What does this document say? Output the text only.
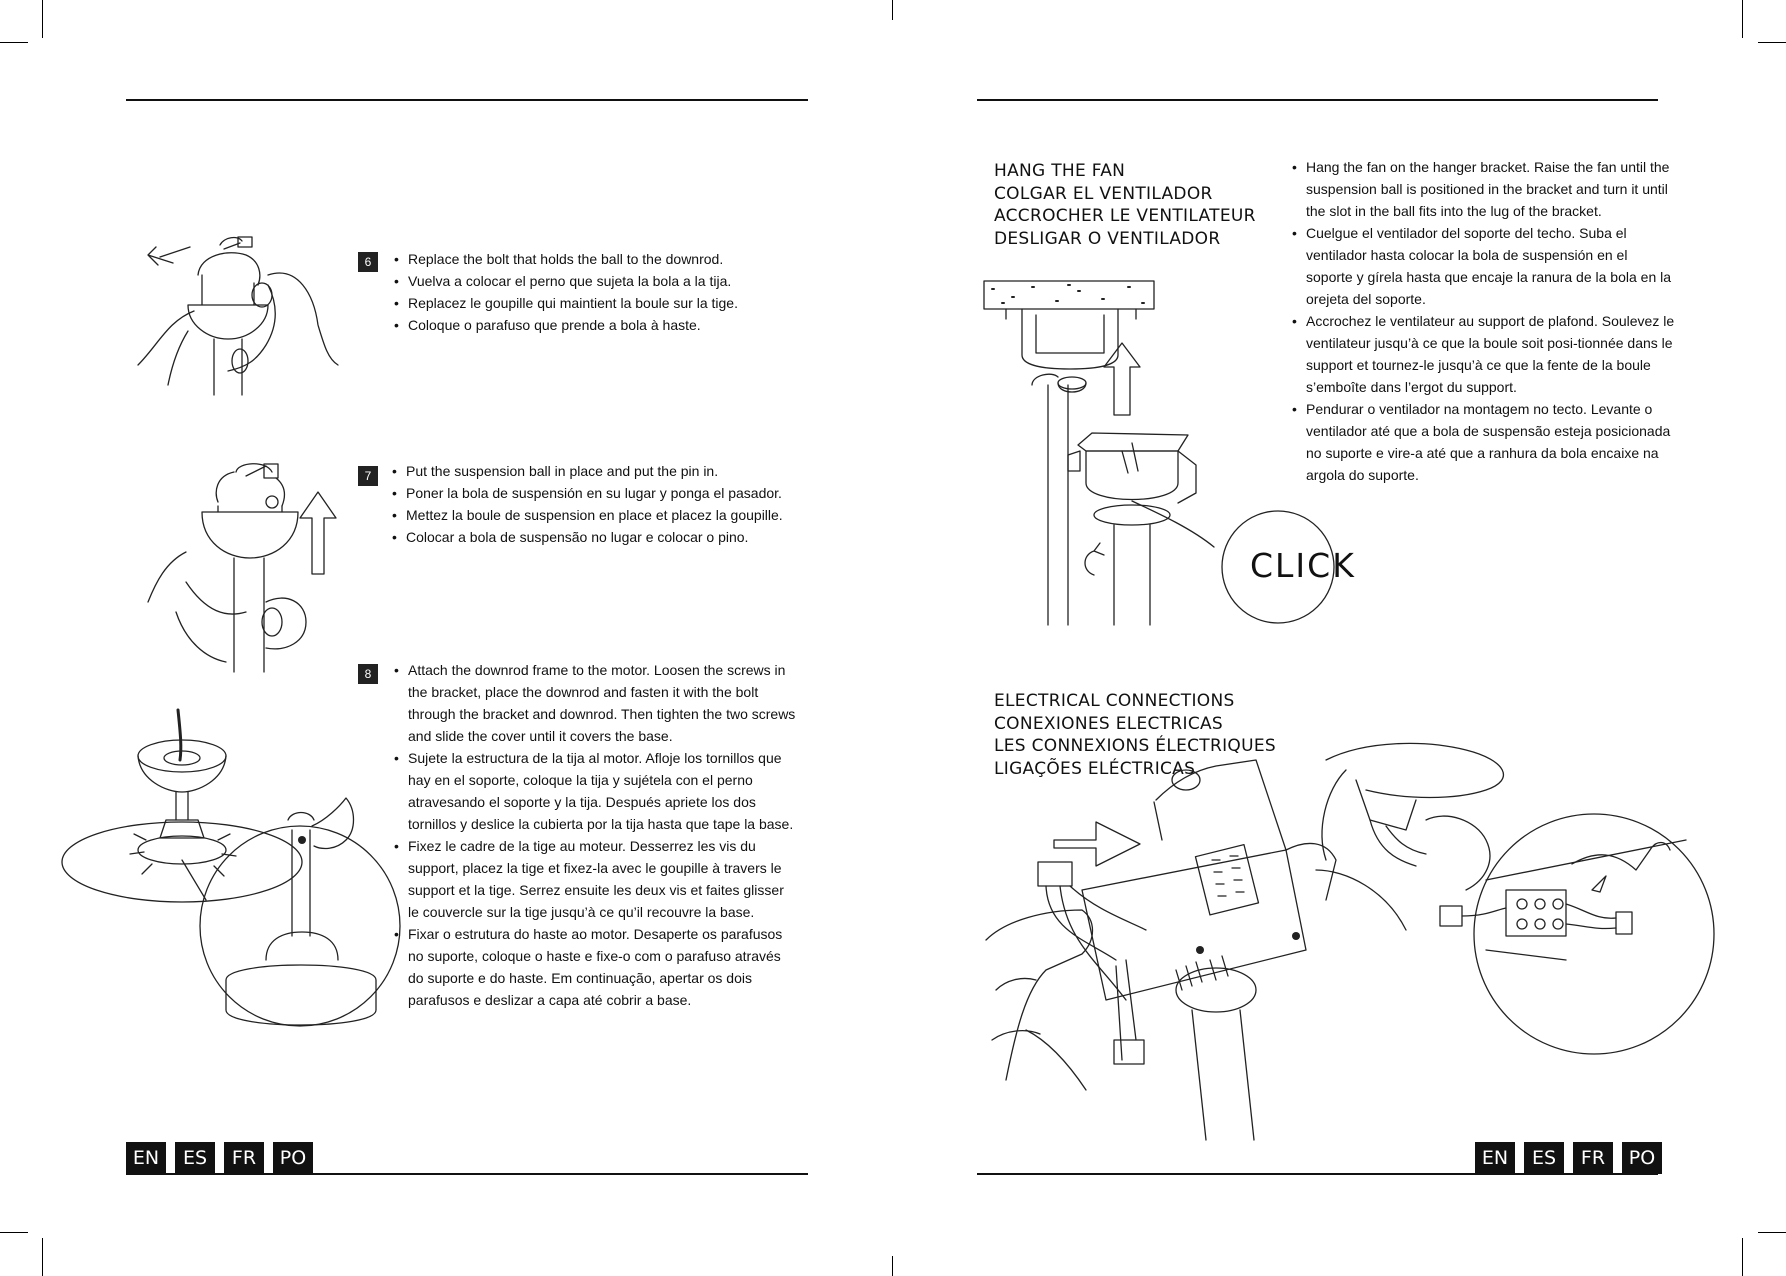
6	• Replace the bolt that holds the ball to the downrod.
• Vuelva a colocar el perno que sujeta la bola a la tija.
• Replacez le goupille qui maintient la boule sur la tige.
• Coloque o parafuso que prende a bola à haste.
7	• Put the suspension ball in place and put the pin in.
• Poner la bola de suspensión en su lugar y ponga el pasador.
• Mettez la boule de suspension en place et placez la goupille.
• Colocar a bola de suspensão no lugar e colocar o pino.
8	• Attach the downrod frame to the motor. Loosen the screws in the bracket, place the downrod and fasten it with the bolt through the bracket and downrod. Then tighten the two screws and slide the cover until it covers the base.
• Sujete la estructura de la tija al motor. Afloje los tornillos que hay en el soporte, coloque la tija y sujétela con el perno atravesando el soporte y la tija. Después apriete los dos tornillos y deslice la cubierta por la tija hasta que tape la base.
• Fixez le cadre de la tige au moteur. Desserrez les vis du support, placez la tige et fixez-la avec le goupille à travers le support et la tige. Serrez ensuite les deux vis et faites glisser le couvercle sur la tige jusqu’à ce qu’il recouvre la base.
• Fixar o estrutura do haste ao motor. Desaperte os parafusos no suporte, coloque o haste e fixe-o com o parafuso através do suporte e do haste. Em continuação, apertar os dois parafusos e deslizar a capa até cobrir a base.
EN	ES	FR	PO
HANG THE FAN
COLGAR EL VENTILADOR
ACCROCHER LE VENTILATEUR
DESLIGAR O VENTILADOR
• Hang the fan on the hanger bracket. Raise the fan until the suspension ball is positioned in the bracket and turn it until the slot in the ball fits into the lug of the bracket.
• Cuelgue el ventilador del soporte del techo. Suba el ventilador hasta colocar la bola de suspensión en el soporte y gírela hasta que encaje la ranura de la bola en la orejeta del soporte.
• Accrochez le ventilateur au support de plafond. Soulevez le ventilateur jusqu’à ce que la boule soit posi-tionnée dans le support et tournez-le jusqu’à ce que la fente de la boule s’emboîte dans l’ergot du support.
• Pendurar o ventilador na montagem no tecto. Levante o ventilador até que a bola de suspensão esteja posicionada no suporte e vire-a até que a ranhura da bola encaixe na argola do suporte.
CLICK
ELECTRICAL CONNECTIONS
CONEXIONES ELECTRICAS
LES CONNEXIONS ÉLECTRIQUES
LIGAÇÕES ELÉCTRICAS
EN	ES	FR	PO
